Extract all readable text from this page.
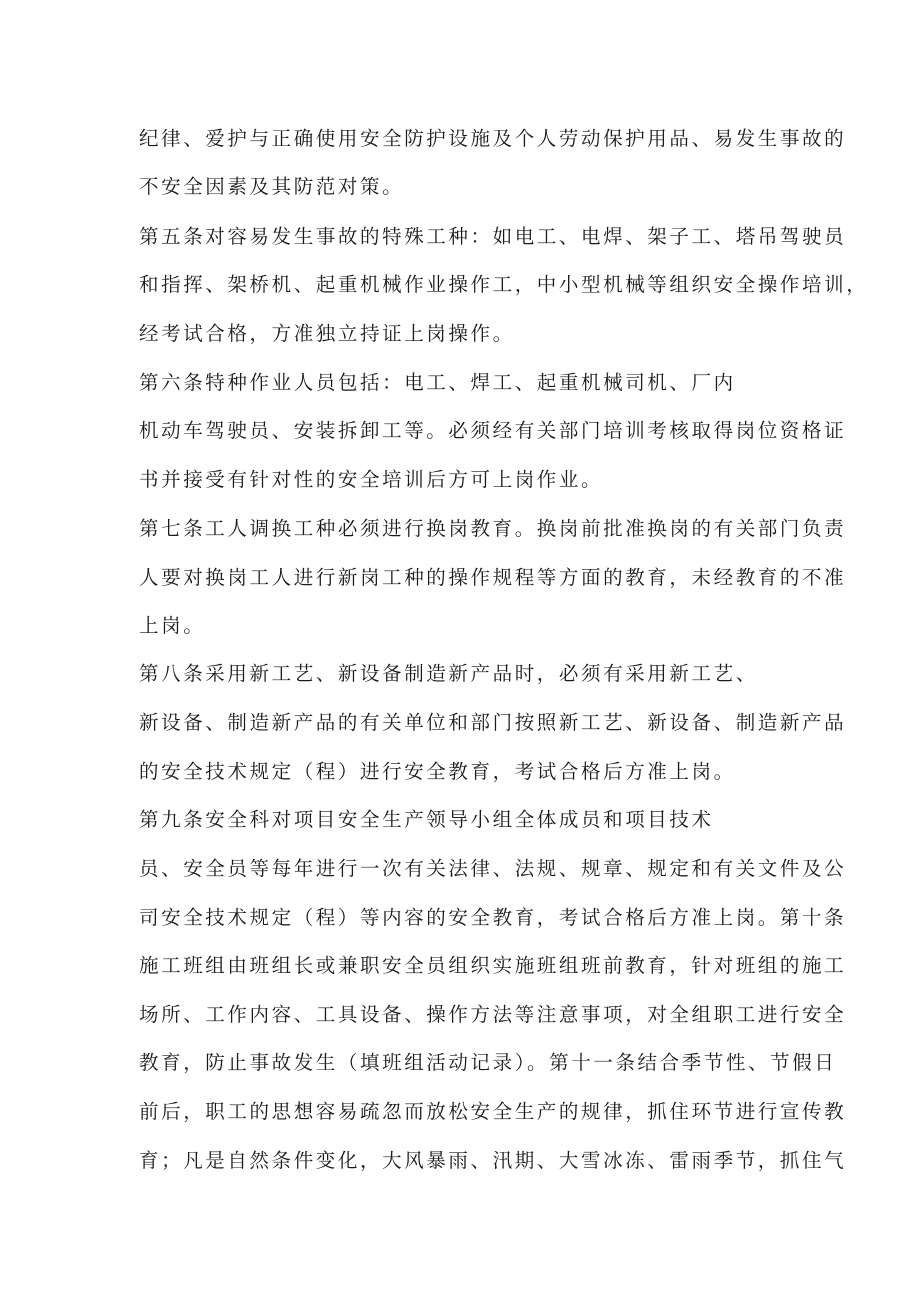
纪律、爱护与正确使用安全防护设施及个人劳动保护用品、易发生事故的
不安全因素及其防范对策。
第五条对容易发生事故的特殊工种：如电工、电焊、架子工、塔吊驾驶员
和指挥、架桥机、起重机械作业操作工，中小型机械等组织安全操作培训，
经考试合格，方准独立持证上岗操作。
第六条特种作业人员包括：电工、焊工、起重机械司机、厂内
机动车驾驶员、安装拆卸工等。必须经有关部门培训考核取得岗位资格证
书并接受有针对性的安全培训后方可上岗作业。
第七条工人调换工种必须进行换岗教育。换岗前批准换岗的有关部门负责
人要对换岗工人进行新岗工种的操作规程等方面的教育，未经教育的不准
上岗。
第八条采用新工艺、新设备制造新产品时，必须有采用新工艺、
新设备、制造新产品的有关单位和部门按照新工艺、新设备、制造新产品
的安全技术规定（程）进行安全教育，考试合格后方准上岗。
第九条安全科对项目安全生产领导小组全体成员和项目技术
员、安全员等每年进行一次有关法律、法规、规章、规定和有关文件及公
司安全技术规定（程）等内容的安全教育，考试合格后方准上岗。第十条
施工班组由班组长或兼职安全员组织实施班组班前教育，针对班组的施工
场所、工作内容、工具设备、操作方法等注意事项，对全组职工进行安全
教育，防止事故发生（填班组活动记录）。第十一条结合季节性、节假日
前后，职工的思想容易疏忽而放松安全生产的规律，抓住环节进行宣传教
育；凡是自然条件变化，大风暴雨、汛期、大雪冰冻、雷雨季节，抓住气
